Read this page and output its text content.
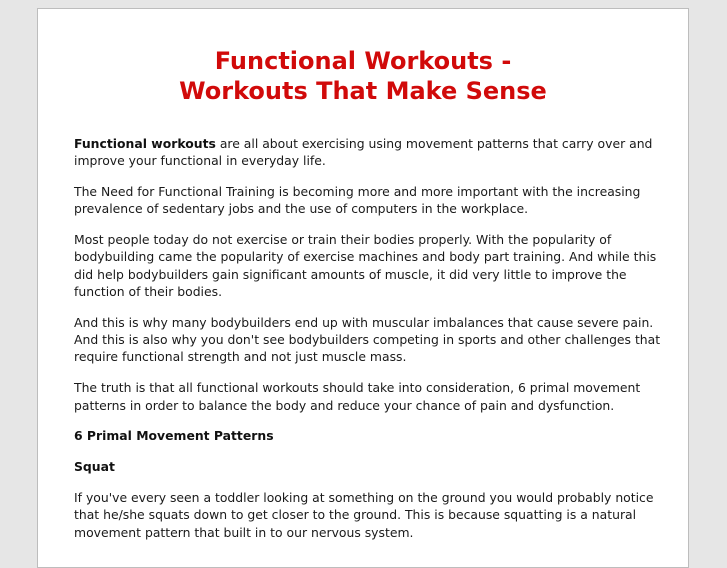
Functional Workouts -
Workouts That Make Sense

Functional workouts are all about exercising using movement patterns that carry over and improve your functional in everyday life.

The Need for Functional Training is becoming more and more important with the increasing prevalence of sedentary jobs and the use of computers in the workplace.

Most people today do not exercise or train their bodies properly. With the popularity of bodybuilding came the popularity of exercise machines and body part training. And while this did help bodybuilders gain significant amounts of muscle, it did very little to improve the function of their bodies.

And this is why many bodybuilders end up with muscular imbalances that cause severe pain. And this is also why you don't see bodybuilders competing in sports and other challenges that require functional strength and not just muscle mass.

The truth is that all functional workouts should take into consideration, 6 primal movement patterns in order to balance the body and reduce your chance of pain and dysfunction.

6 Primal Movement Patterns
Squat

If you've every seen a toddler looking at something on the ground you would probably notice that he/she squats down to get closer to the ground. This is because squatting is a natural movement pattern that built in to our nervous system.
